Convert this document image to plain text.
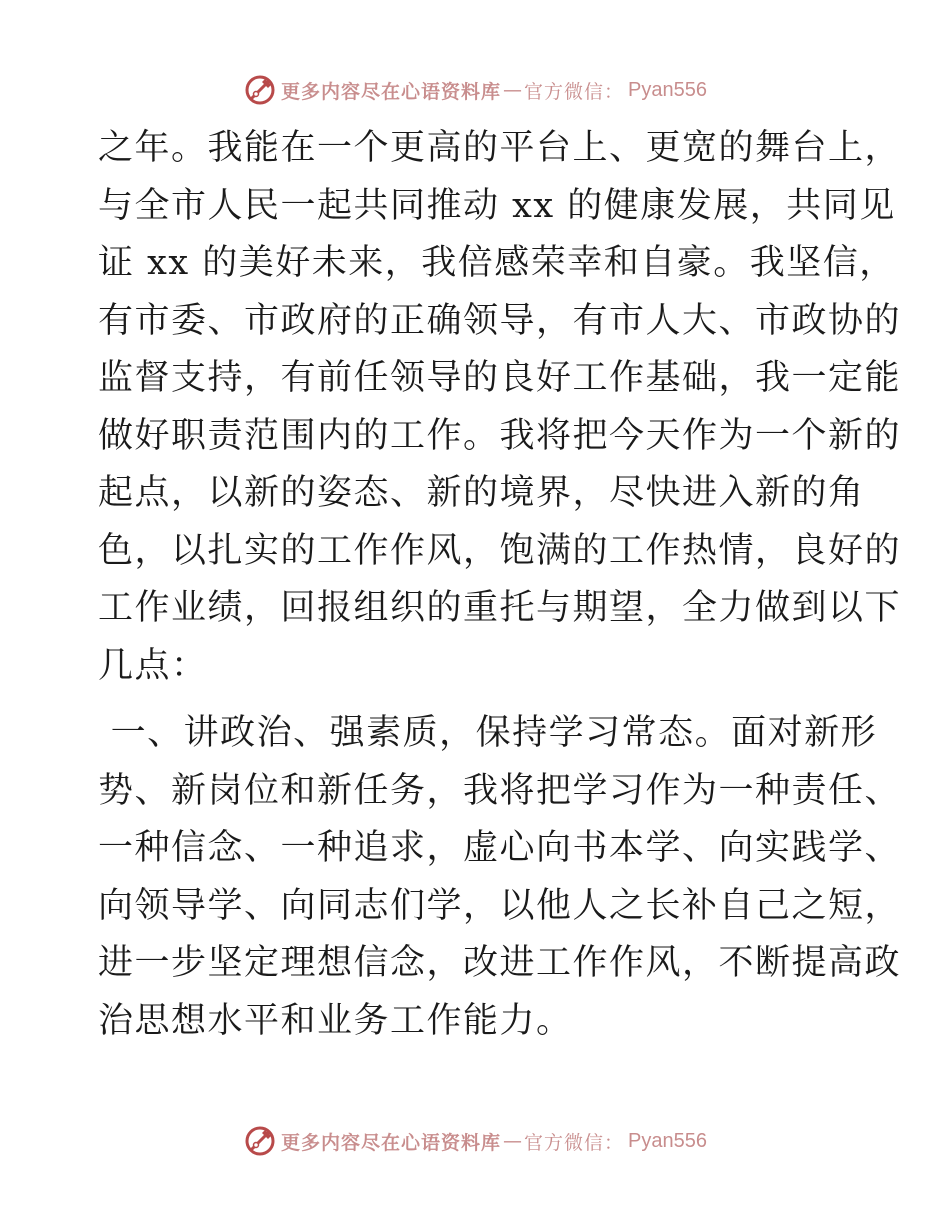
更多内容尽在心语资料库 — 官方微信： Pyan556
之年。我能在一个更高的平台上、更宽的舞台上，
与全市人民一起共同推动 xx 的健康发展，共同见
证 xx 的美好未来，我倍感荣幸和自豪。我坚信，
有市委、市政府的正确领导，有市人大、市政协的
监督支持，有前任领导的良好工作基础，我一定能
做好职责范围内的工作。我将把今天作为一个新的
起点，以新的姿态、新的境界，尽快进入新的角
色，以扎实的工作作风，饱满的工作热情，良好的
工作业绩，回报组织的重托与期望，全力做到以下
几点：
一、讲政治、强素质，保持学习常态。面对新形
势、新岗位和新任务，我将把学习作为一种责任、
一种信念、一种追求，虚心向书本学、向实践学、
向领导学、向同志们学，以他人之长补自己之短，
进一步坚定理想信念，改进工作作风，不断提高政
治思想水平和业务工作能力。
更多内容尽在心语资料库 — 官方微信： Pyan556
